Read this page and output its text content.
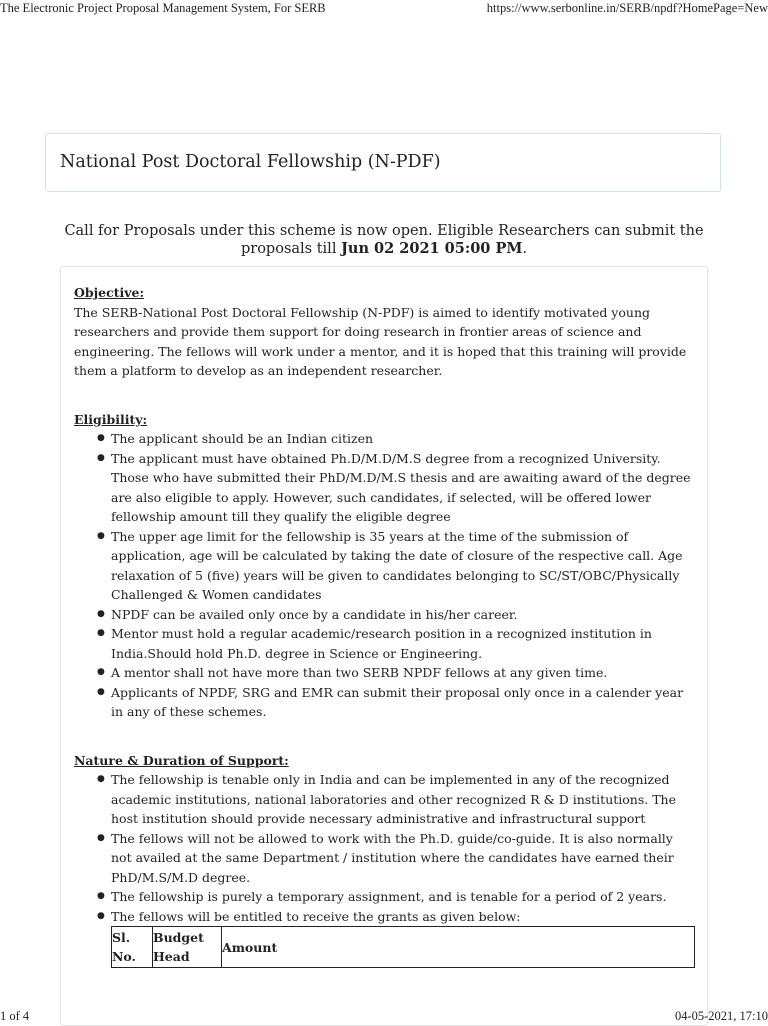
The Electronic Project Proposal Management System, For SERB	https://www.serbonline.in/SERB/npdf?HomePage=New
National Post Doctoral Fellowship (N-PDF)
Call for Proposals under this scheme is now open. Eligible Researchers can submit the proposals till Jun 02 2021 05:00 PM.
Objective:

The SERB-National Post Doctoral Fellowship (N-PDF) is aimed to identify motivated young researchers and provide them support for doing research in frontier areas of science and engineering. The fellows will work under a mentor, and it is hoped that this training will provide them a platform to develop as an independent researcher.

Eligibility:
● The applicant should be an Indian citizen
● The applicant must have obtained Ph.D/M.D/M.S degree from a recognized University. Those who have submitted their PhD/M.D/M.S thesis and are awaiting award of the degree are also eligible to apply. However, such candidates, if selected, will be offered lower fellowship amount till they qualify the eligible degree
● The upper age limit for the fellowship is 35 years at the time of the submission of application, age will be calculated by taking the date of closure of the respective call. Age relaxation of 5 (five) years will be given to candidates belonging to SC/ST/OBC/Physically Challenged & Women candidates
● NPDF can be availed only once by a candidate in his/her career.
● Mentor must hold a regular academic/research position in a recognized institution in India.Should hold Ph.D. degree in Science or Engineering.
● A mentor shall not have more than two SERB NPDF fellows at any given time.
● Applicants of NPDF, SRG and EMR can submit their proposal only once in a calender year in any of these schemes.
Nature & Duration of Support:
● The fellowship is tenable only in India and can be implemented in any of the recognized academic institutions, national laboratories and other recognized R & D institutions. The host institution should provide necessary administrative and infrastructural support
● The fellows will not be allowed to work with the Ph.D. guide/co-guide. It is also normally not availed at the same Department / institution where the candidates have earned their PhD/M.S/M.D degree.
● The fellowship is purely a temporary assignment, and is tenable for a period of 2 years.
● The fellows will be entitled to receive the grants as given below:
Sl. No.	Budget Head	Amount
1 of 4	04-05-2021, 17:10
